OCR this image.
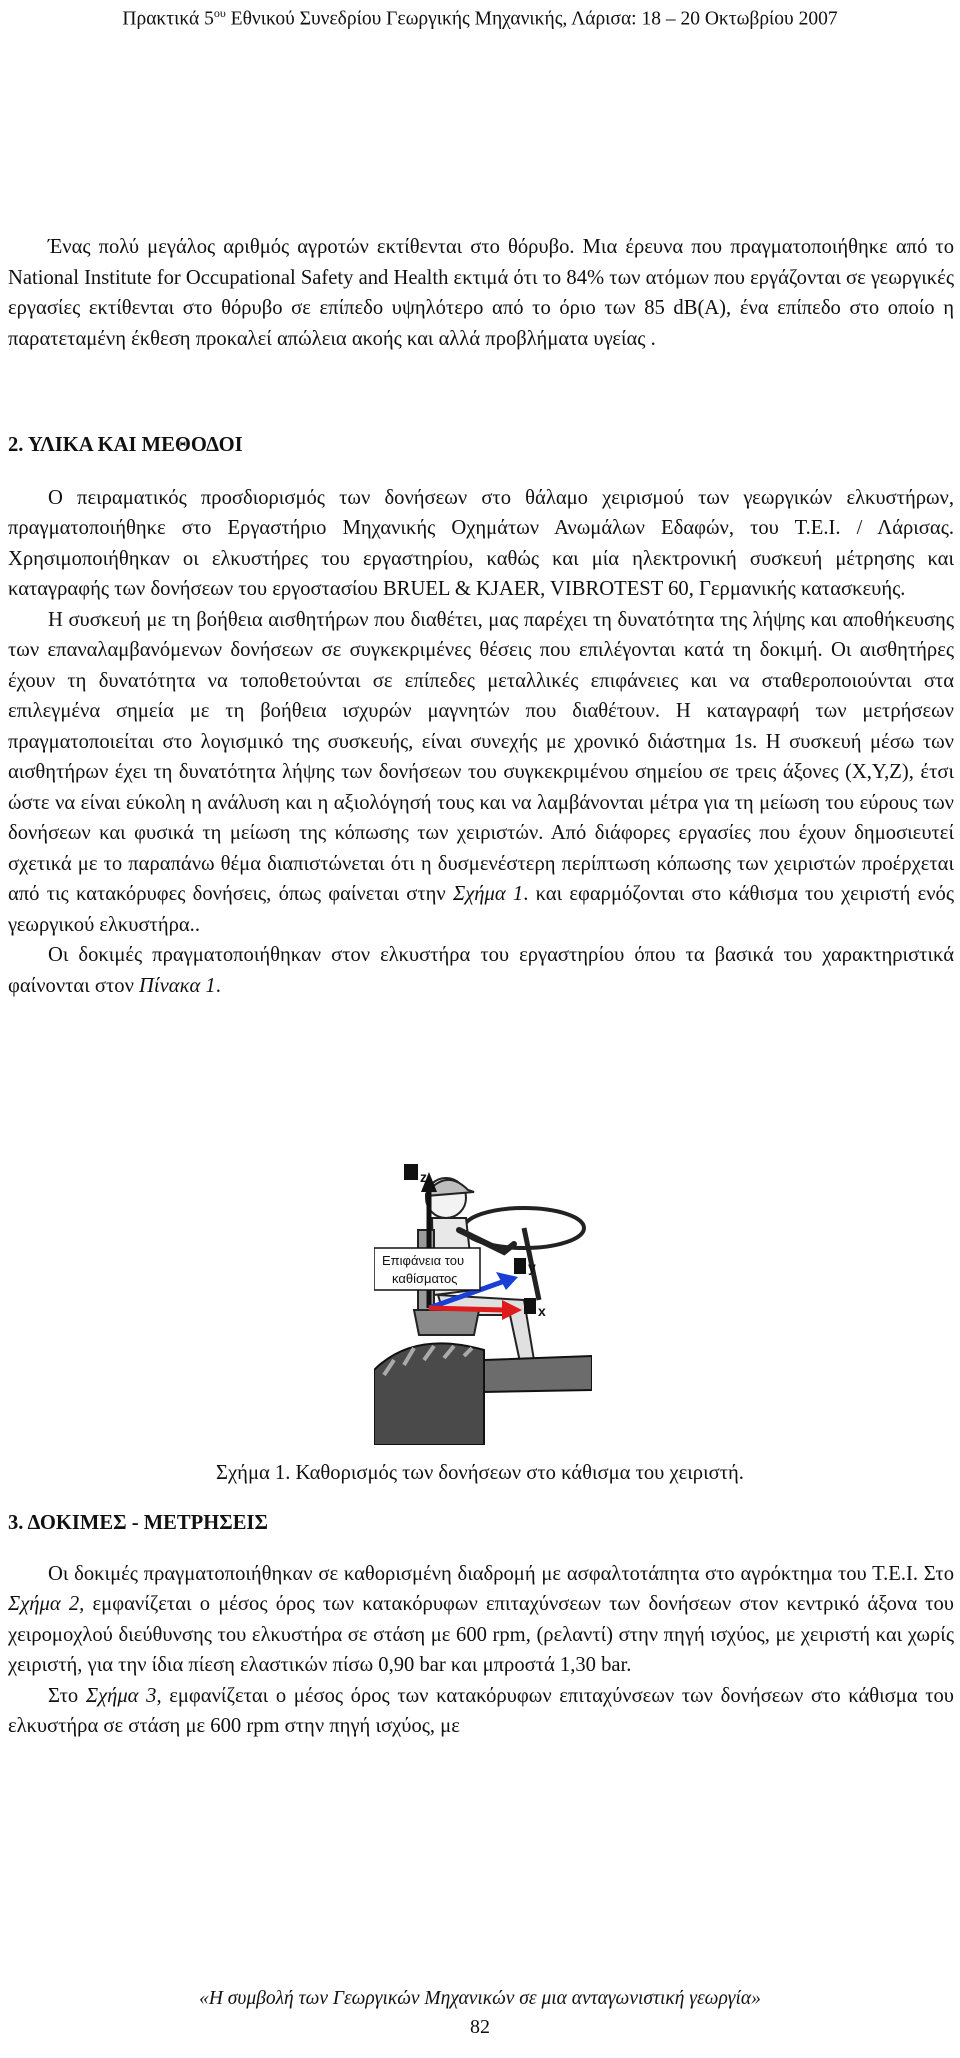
Πρακτικά $5^{o\upsilon}$ Εθνικού Συνεδρίου Γεωργικής Μηχανικής, Λάρισα: 18 – 20 Οκτωβρίου 2007

Ένας πολύ μεγάλος αριθμός αγροτών εκτίθενται στο θόρυβο. Μια έρευνα που πραγματοποιήθηκε από το National Institute for Occupational Safety and Health εκτιμά ότι το 84% των ατόμων που εργάζονται σε γεωργικές εργασίες εκτίθενται στο θόρυβο σε επίπεδο υψηλότερο από το όριο των 85 dB(A), ένα επίπεδο στο οποίο η παρατεταμένη έκθεση προκαλεί απώλεια ακοής και αλλά προβλήματα υγείας .

2. ΥΛΙΚΑ ΚΑΙ ΜΕΘΟΔΟΙ

Ο πειραματικός προσδιορισμός των δονήσεων στο θάλαμο χειρισμού των γεωργικών ελκυστήρων, πραγματοποιήθηκε στο Εργαστήριο Μηχανικής Οχημάτων Ανωμάλων Εδαφών, του Τ.Ε.Ι. / Λάρισας. Χρησιμοποιήθηκαν οι ελκυστήρες του εργαστηρίου, καθώς και μία ηλεκτρονική συσκευή μέτρησης και καταγραφής των δονήσεων του εργοστασίου BRUEL & KJAER, VIBROTEST 60, Γερμανικής κατασκευής.

Η συσκευή με τη βοήθεια αισθητήρων που διαθέτει, μας παρέχει τη δυνατότητα της λήψης και αποθήκευσης των επαναλαμβανόμενων δονήσεων σε συγκεκριμένες θέσεις που επιλέγονται κατά τη δοκιμή. Οι αισθητήρες έχουν τη δυνατότητα να τοποθετούνται σε επίπεδες μεταλλικές επιφάνειες και να σταθεροποιούνται στα επιλεγμένα σημεία με τη βοήθεια ισχυρών μαγνητών που διαθέτουν. Η καταγραφή των μετρήσεων πραγματοποιείται στο λογισμικό της συσκευής, είναι συνεχής με χρονικό διάστημα 1s. Η συσκευή μέσω των αισθητήρων έχει τη δυνατότητα λήψης των δονήσεων του συγκεκριμένου σημείου σε τρεις άξονες (X,Y,Z), έτσι ώστε να είναι εύκολη η ανάλυση και η αξιολόγησή τους και να λαμβάνονται μέτρα για τη μείωση του εύρους των δονήσεων και φυσικά τη μείωση της κόπωσης των χειριστών. Από διάφορες εργασίες που έχουν δημοσιευτεί σχετικά με το παραπάνω θέμα διαπιστώνεται ότι η δυσμενέστερη περίπτωση κόπωσης των χειριστών προέρχεται από τις κατακόρυφες δονήσεις, όπως φαίνεται στην Σχήμα 1. και εφαρμόζονται στο κάθισμα του χειριστή ενός γεωργικού ελκυστήρα..

Οι δοκιμές πραγματοποιήθηκαν στον ελκυστήρα του εργαστηρίου όπου τα βασικά του χαρακτηριστικά φαίνονται στον Πίνακα 1.

z
y
x
Επιφάνεια του
καθίσματος
Σχήμα 1. Καθορισμός των δονήσεων στο κάθισμα του χειριστή.

3. ΔΟΚΙΜΕΣ - ΜΕΤΡΗΣΕΙΣ

Οι δοκιμές πραγματοποιήθηκαν σε καθορισμένη διαδρομή με ασφαλτοτάπητα στο αγρόκτημα του Τ.Ε.Ι. Στο Σχήμα 2, εμφανίζεται ο μέσος όρος των κατακόρυφων επιταχύνσεων των δονήσεων στον κεντρικό άξονα του χειρομοχλού διεύθυνσης του ελκυστήρα σε στάση με 600 rpm, (ρελαντί) στην πηγή ισχύος, με χειριστή και χωρίς χειριστή, για την ίδια πίεση ελαστικών πίσω 0,90 bar και μπροστά 1,30 bar.

Στο Σχήμα 3, εμφανίζεται ο μέσος όρος των κατακόρυφων επιταχύνσεων των δονήσεων στο κάθισμα του ελκυστήρα σε στάση με 600 rpm στην πηγή ισχύος, με

«Η συμβολή των Γεωργικών Μηχανικών σε μια ανταγωνιστική γεωργία»
82
